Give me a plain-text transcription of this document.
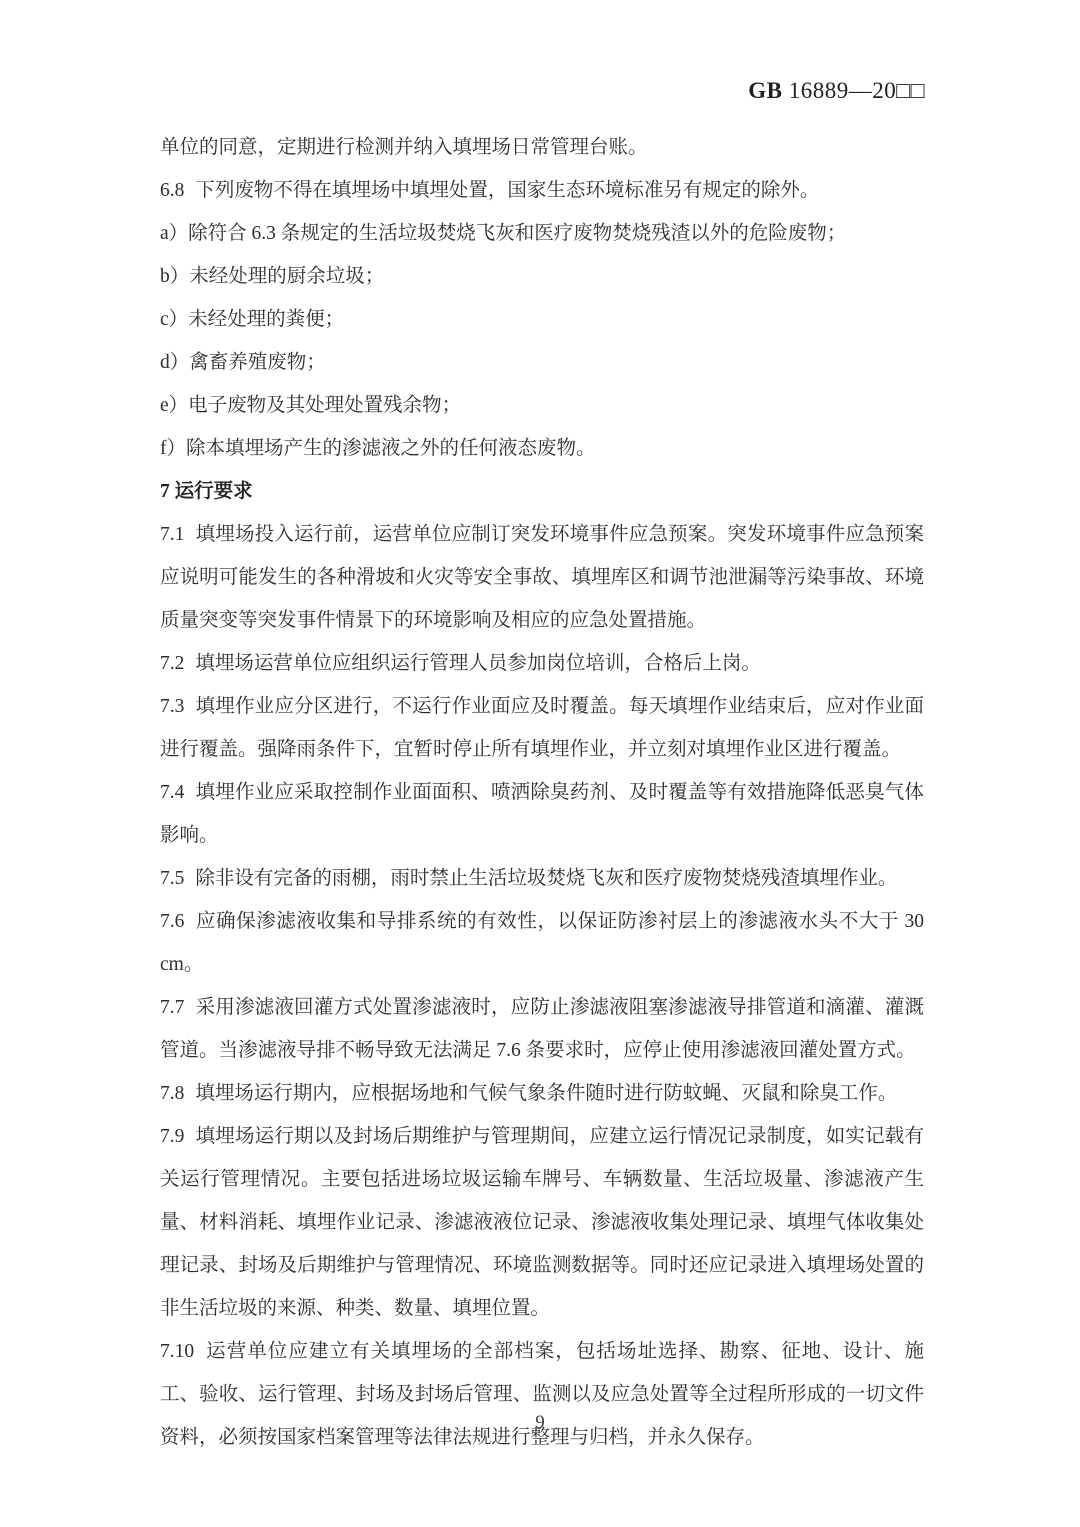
GB 16889—20□□

单位的同意，定期进行检测并纳入填埋场日常管理台账。

6.8 下列废物不得在填埋场中填埋处置，国家生态环境标准另有规定的除外。

a）除符合 6.3 条规定的生活垃圾焚烧飞灰和医疗废物焚烧残渣以外的危险废物；

b）未经处理的厨余垃圾；

c）未经处理的粪便；

d）禽畜养殖废物；

e）电子废物及其处理处置残余物；

f）除本填埋场产生的渗滤液之外的任何液态废物。

7 运行要求

7.1 填埋场投入运行前，运营单位应制订突发环境事件应急预案。突发环境事件应急预案应说明可能发生的各种滑坡和火灾等安全事故、填埋库区和调节池泄漏等污染事故、环境质量突变等突发事件情景下的环境影响及相应的应急处置措施。

7.2 填埋场运营单位应组织运行管理人员参加岗位培训，合格后上岗。

7.3 填埋作业应分区进行，不运行作业面应及时覆盖。每天填埋作业结束后，应对作业面进行覆盖。强降雨条件下，宜暂时停止所有填埋作业，并立刻对填埋作业区进行覆盖。

7.4 填埋作业应采取控制作业面面积、喷洒除臭药剂、及时覆盖等有效措施降低恶臭气体影响。

7.5 除非设有完备的雨棚，雨时禁止生活垃圾焚烧飞灰和医疗废物焚烧残渣填埋作业。

7.6 应确保渗滤液收集和导排系统的有效性，以保证防渗衬层上的渗滤液水头不大于 30 cm。

7.7 采用渗滤液回灌方式处置渗滤液时，应防止渗滤液阻塞渗滤液导排管道和滴灌、灌溉管道。当渗滤液导排不畅导致无法满足 7.6 条要求时，应停止使用渗滤液回灌处置方式。

7.8 填埋场运行期内，应根据场地和气候气象条件随时进行防蚊蝇、灭鼠和除臭工作。

7.9 填埋场运行期以及封场后期维护与管理期间，应建立运行情况记录制度，如实记载有关运行管理情况。主要包括进场垃圾运输车牌号、车辆数量、生活垃圾量、渗滤液产生量、材料消耗、填埋作业记录、渗滤液液位记录、渗滤液收集处理记录、填埋气体收集处理记录、封场及后期维护与管理情况、环境监测数据等。同时还应记录进入填埋场处置的非生活垃圾的来源、种类、数量、填埋位置。

7.10 运营单位应建立有关填埋场的全部档案，包括场址选择、勘察、征地、设计、施工、验收、运行管理、封场及封场后管理、监测以及应急处置等全过程所形成的一切文件资料，必须按国家档案管理等法律法规进行整理与归档，并永久保存。

9
